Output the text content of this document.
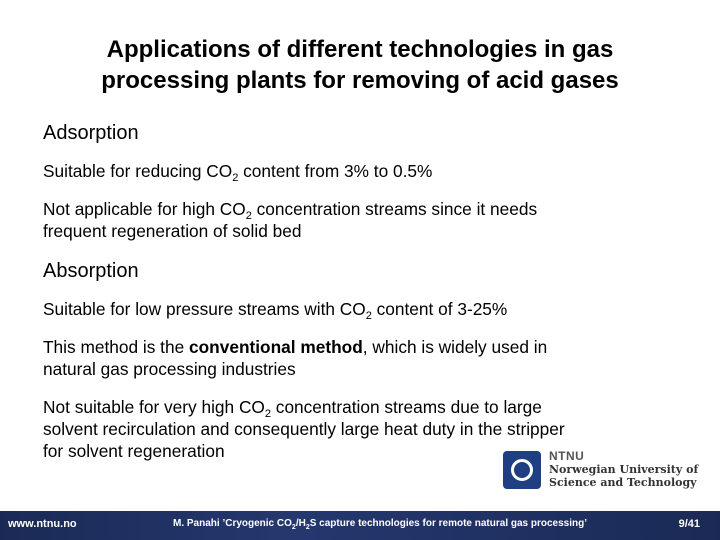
Applications of different technologies in gas
processing plants for removing of acid gases
Adsorption
Suitable for reducing $CO_2$ content from 3% to 0.5%
Not applicable for high $CO_2$ concentration streams since it needs
frequent regeneration of solid bed
Absorption
Suitable for low pressure streams with $CO_2$ content of 3-25%
This method is the conventional method, which is widely used in
natural gas processing industries
Not suitable for very high $CO_2$ concentration streams due to large
solvent recirculation and consequently large heat duty in the stripper
for solvent regeneration	NTNU
Norwegian University of
Science and Technology
www.ntnu.no	M. Panahi ’Cryogenic $CO_2/H_2S$ capture technologies for remote natural gas processing’	9/41
